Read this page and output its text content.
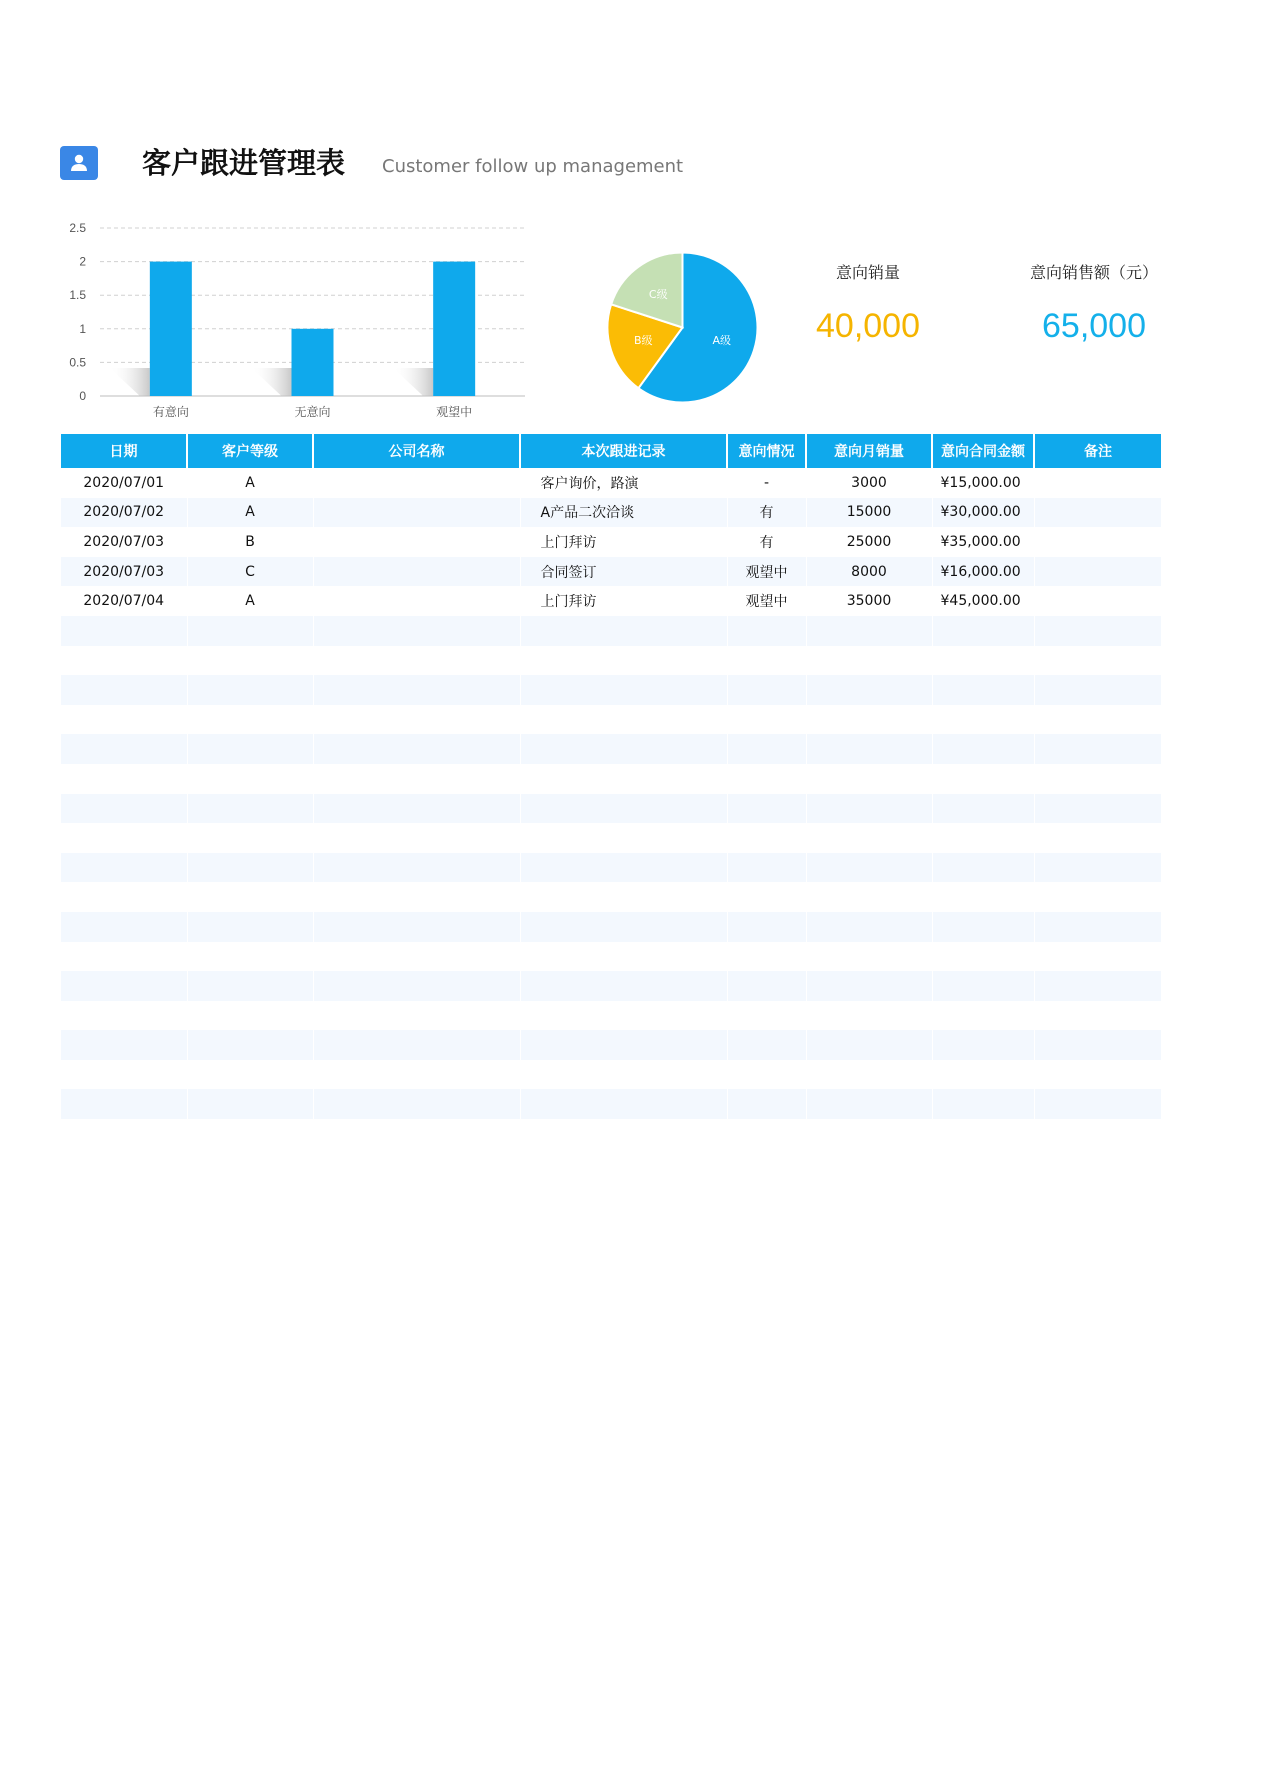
客户跟进管理表 Customer follow up management
0
0.5
1
1.5
2
2.5
有意向	无意向	观望中
A级
B级
C级
意向销量
40,000
意向销售额（元）
65,000
日期	客户等级	公司名称	本次跟进记录	意向情况	意向月销量	意向合同金额	备注
2020/07/01	A		客户询价，路演	-	3000	¥ 15,000.00	

2020/07/02	A		A产品二次洽谈	有	15000	¥ 30,000.00	

2020/07/03	B		上门拜访	有	25000	¥ 35,000.00	

2020/07/03	C		合同签订	观望中	8000	¥ 16,000.00	

2020/07/04	A		上门拜访	观望中	35000	¥ 45,000.00	
